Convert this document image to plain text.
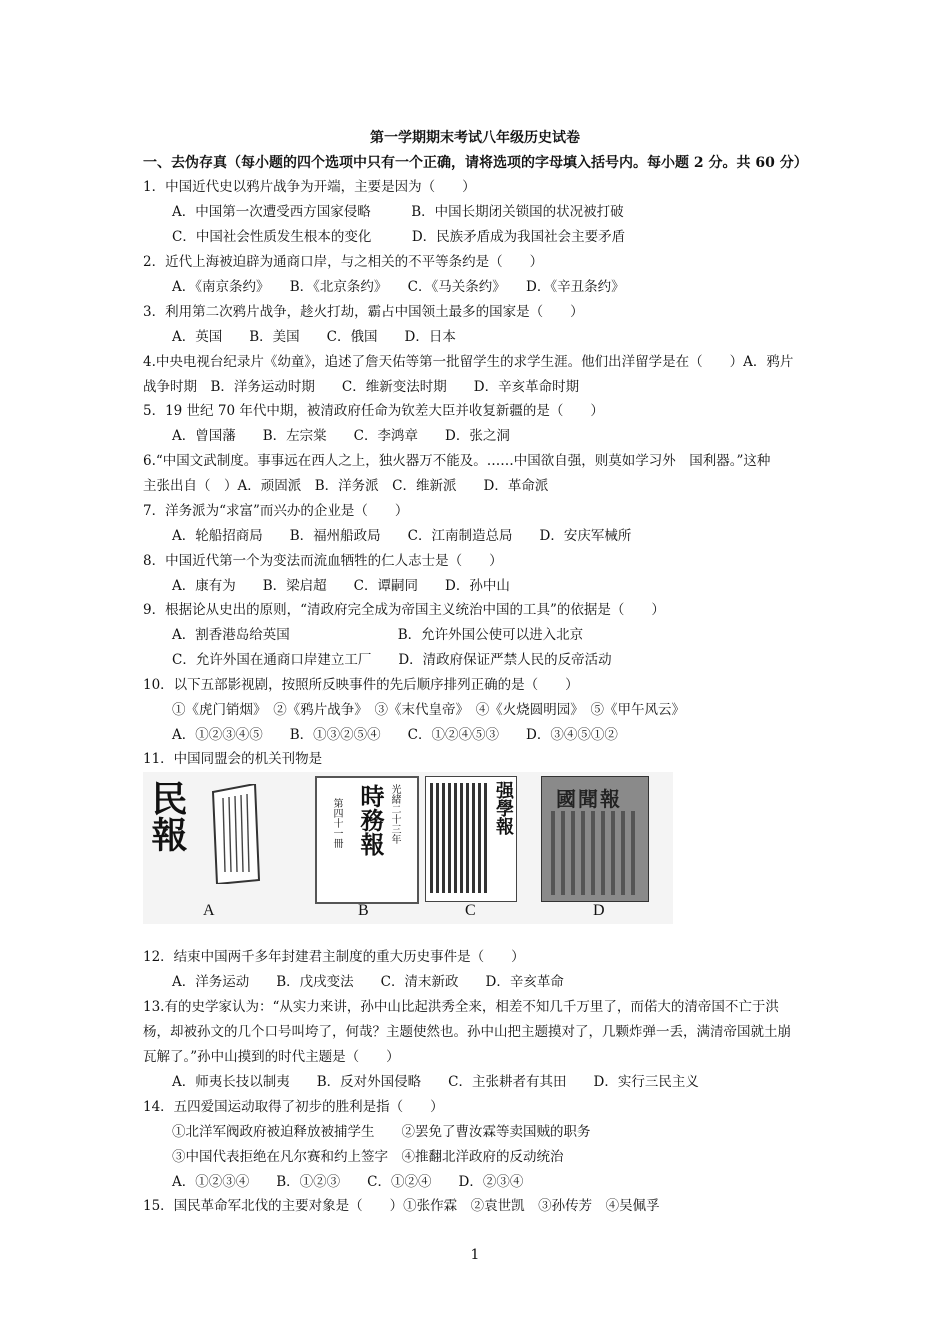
第一学期期末考试八年级历史试卷
一、去伪存真（每小题的四个选项中只有一个正确，请将选项的字母填入括号内。每小题 2 分。共 60 分）
1．中国近代史以鸦片战争为开端，主要是因为（　　）
A．中国第一次遭受西方国家侵略　　　B．中国长期闭关锁国的状况被打破
C．中国社会性质发生根本的变化　　　D．民族矛盾成为我国社会主要矛盾
2．近代上海被迫辟为通商口岸，与之相关的不平等条约是（　　）
A．《南京条约》　　B．《北京条约》　　C．《马关条约》　　D．《辛丑条约》
3．利用第二次鸦片战争，趁火打劫，霸占中国领土最多的国家是（　　）
A．英国　　B．美国　　C．俄国　　D．日本
4.中央电视台纪录片《幼童》，追述了詹天佑等第一批留学生的求学生涯。他们出洋留学是在（　　）A．鸦片
战争时期　B．洋务运动时期　　C．维新变法时期　　D．辛亥革命时期
5．19 世纪 70 年代中期，被清政府任命为钦差大臣并收复新疆的是（　　）
A．曾国藩　　B．左宗棠　　C．李鸿章　　D．张之洞
6.“中国文武制度。事事远在西人之上，独火器万不能及。……中国欲自强，则莫如学习外　国利器。”这种
主张出自（　）A．顽固派　B．洋务派　C．维新派　　D．革命派
7．洋务派为“求富”而兴办的企业是（　　）
A．轮船招商局　　B．福州船政局　　C．江南制造总局　　D．安庆军械所
8．中国近代第一个为变法而流血牺牲的仁人志士是（　　）
A．康有为　　B．梁启超　　C．谭嗣同　　D．孙中山
9．根据论从史出的原则，“清政府完全成为帝国主义统治中国的工具”的依据是（　　）
A．割香港岛给英国　　　　　　　　B．允许外国公使可以进入北京
C．允许外国在通商口岸建立工厂　　D．清政府保证严禁人民的反帝活动
10．以下五部影视剧，按照所反映事件的先后顺序排列正确的是（　　）
①《虎门销烟》　②《鸦片战争》　③《末代皇帝》　④《火烧圆明园》　⑤《甲午风云》
A．①②③④⑤　　B．①③②⑤④　　C．①②④⑤③　　D．③④⑤①②
11．中国同盟会的机关刊物是
民報
A
光緒二十三年
時務報
第四十一冊
B
强學報
C
國聞報
D
12．结束中国两千多年封建君主制度的重大历史事件是（　　）
A．洋务运动　　B．戊戌变法　　C．清末新政　　D．辛亥革命
13.有的史学家认为：“从实力来讲，孙中山比起洪秀全来，相差不知几千万里了，而偌大的清帝国不亡于洪
杨，却被孙文的几个口号叫垮了，何哉？主题使然也。孙中山把主题摸对了，几颗炸弹一丢，满清帝国就土崩
瓦解了。”孙中山摸到的时代主题是（　　）
A．师夷长技以制夷　　B．反对外国侵略　　C．主张耕者有其田　　D．实行三民主义
14．五四爱国运动取得了初步的胜利是指（　　）
①北洋军阀政府被迫释放被捕学生　　②罢免了曹汝霖等卖国贼的职务
③中国代表拒绝在凡尔赛和约上签字　④推翻北洋政府的反动统治
A．①②③④　　B．①②③　　C．①②④　　D．②③④
15．国民革命军北伐的主要对象是（　　）①张作霖　②袁世凯　③孙传芳　④吴佩孚
1
